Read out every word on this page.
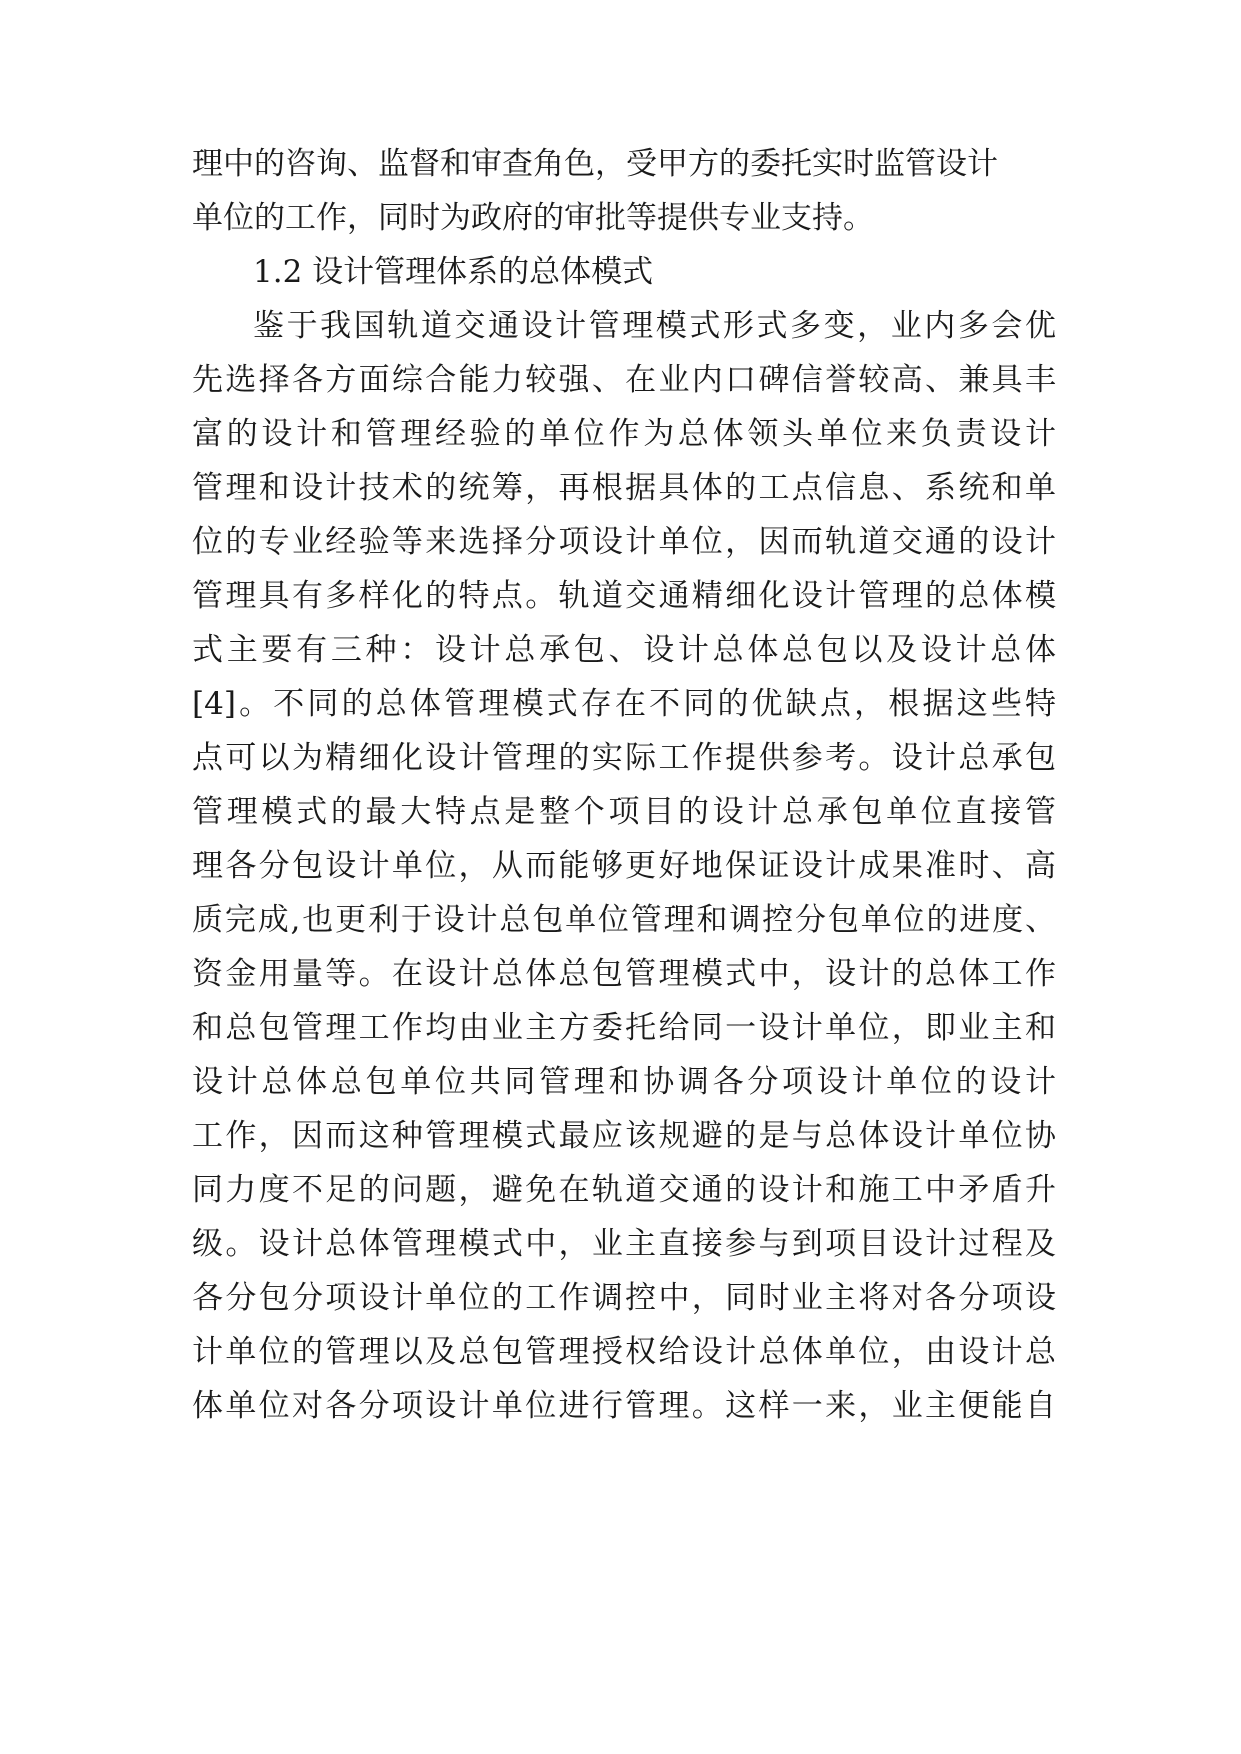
理中的咨询、监督和审查角色，受甲方的委托实时监管设计
单位的工作，同时为政府的审批等提供专业支持。
1.2 设计管理体系的总体模式
鉴于我国轨道交通设计管理模式形式多变，业内多会优
先选择各方面综合能力较强、在业内口碑信誉较高、兼具丰
富的设计和管理经验的单位作为总体领头单位来负责设计
管理和设计技术的统筹，再根据具体的工点信息、系统和单
位的专业经验等来选择分项设计单位，因而轨道交通的设计
管理具有多样化的特点。轨道交通精细化设计管理的总体模
式主要有三种：设计总承包、设计总体总包以及设计总体
[4]。不同的总体管理模式存在不同的优缺点，根据这些特
点可以为精细化设计管理的实际工作提供参考。设计总承包
管理模式的最大特点是整个项目的设计总承包单位直接管
理各分包设计单位，从而能够更好地保证设计成果准时、高
质完成,也更利于设计总包单位管理和调控分包单位的进度、
资金用量等。在设计总体总包管理模式中，设计的总体工作
和总包管理工作均由业主方委托给同一设计单位，即业主和
设计总体总包单位共同管理和协调各分项设计单位的设计
工作，因而这种管理模式最应该规避的是与总体设计单位协
同力度不足的问题，避免在轨道交通的设计和施工中矛盾升
级。设计总体管理模式中，业主直接参与到项目设计过程及
各分包分项设计单位的工作调控中，同时业主将对各分项设
计单位的管理以及总包管理授权给设计总体单位，由设计总
体单位对各分项设计单位进行管理。这样一来，业主便能自
